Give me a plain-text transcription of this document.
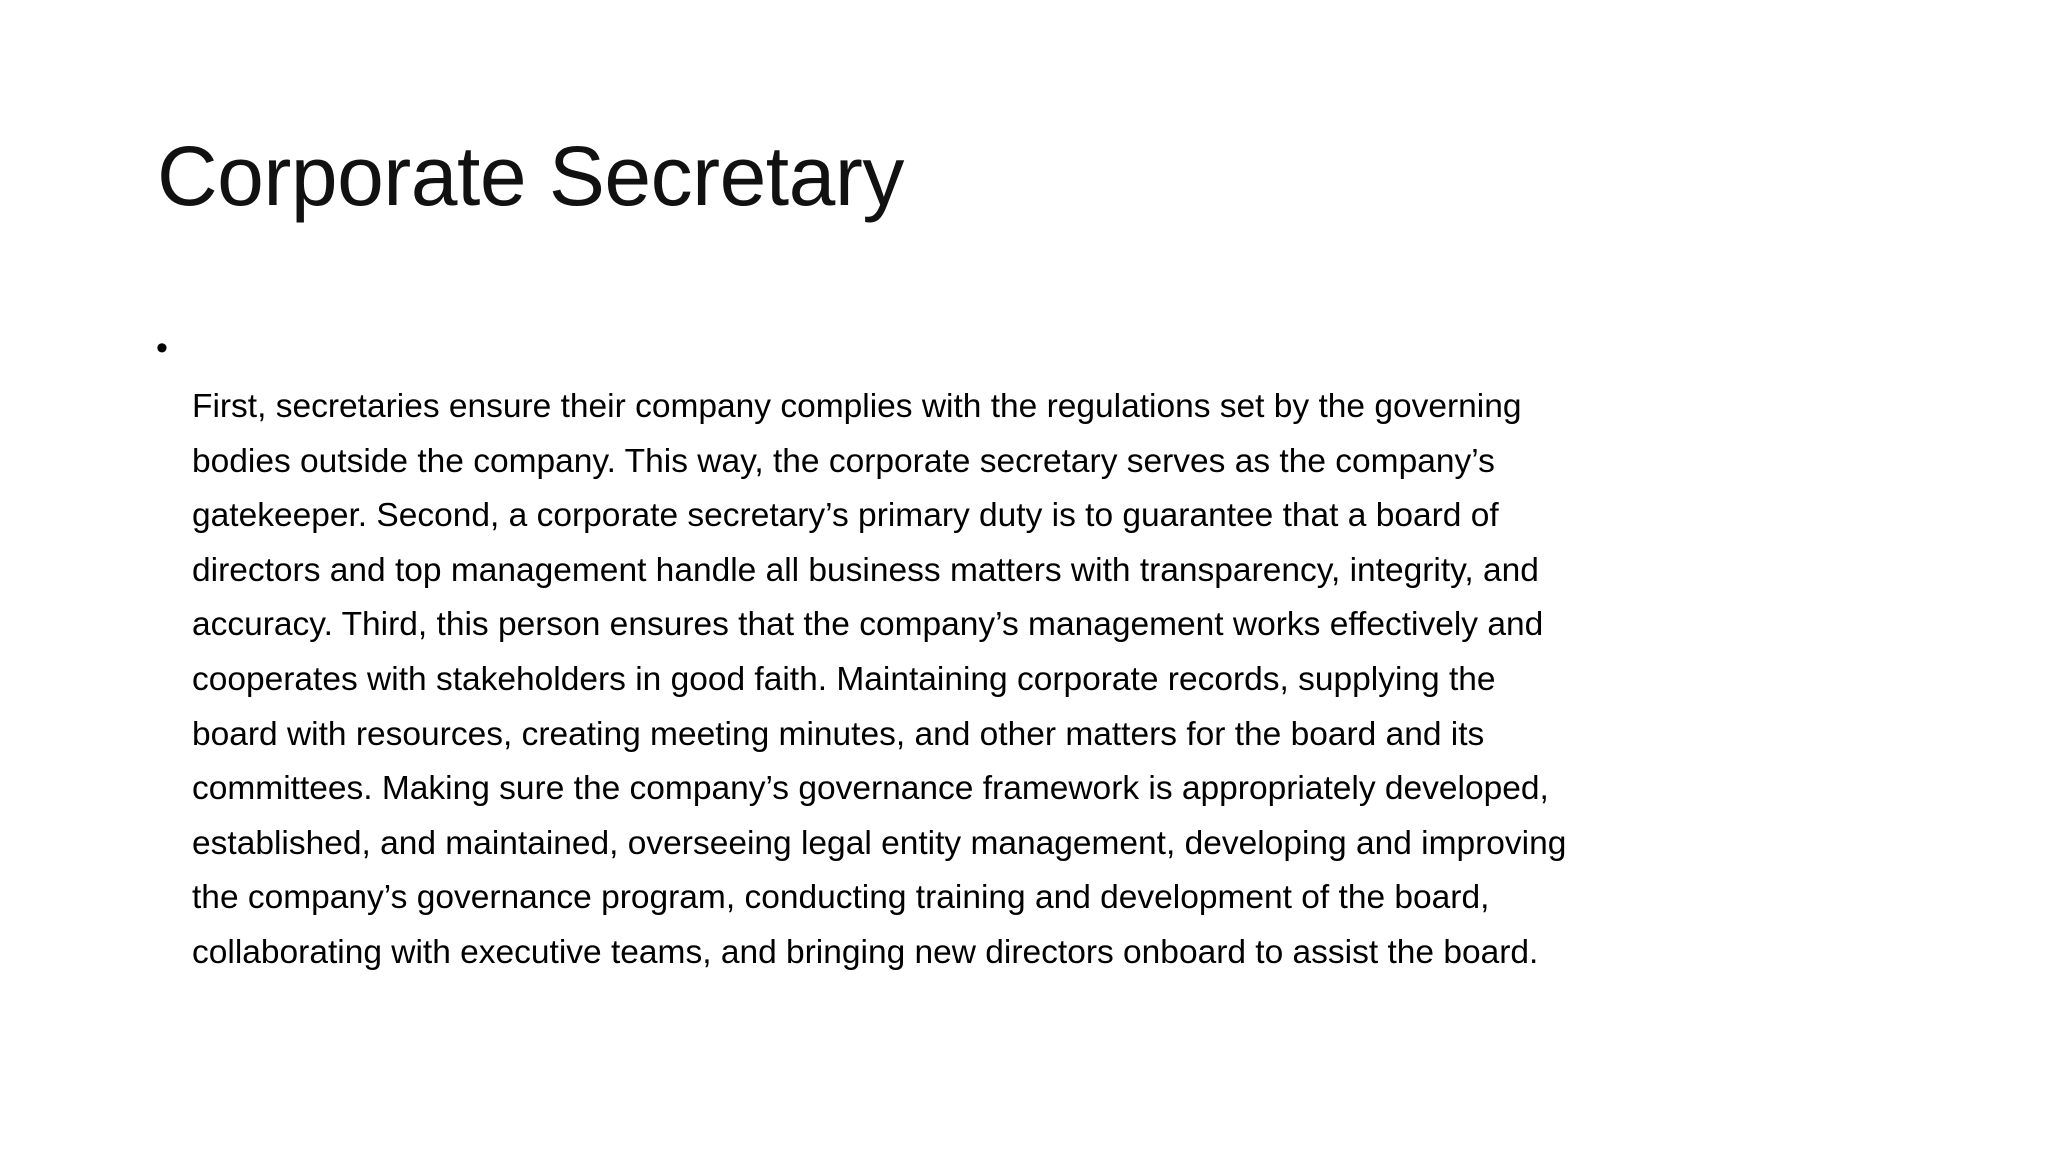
Corporate Secretary
•

First, secretaries ensure their company complies with the regulations set by the governing
bodies outside the company. This way, the corporate secretary serves as the company’s
gatekeeper. Second, a corporate secretary’s primary duty is to guarantee that a board of
directors and top management handle all business matters with transparency, integrity, and
accuracy. Third, this person ensures that the company’s management works effectively and
cooperates with stakeholders in good faith. Maintaining corporate records, supplying the
board with resources, creating meeting minutes, and other matters for the board and its
committees. Making sure the company’s governance framework is appropriately developed,
established, and maintained, overseeing legal entity management, developing and improving
the company’s governance program, conducting training and development of the board,
collaborating with executive teams, and bringing new directors onboard to assist the board.
